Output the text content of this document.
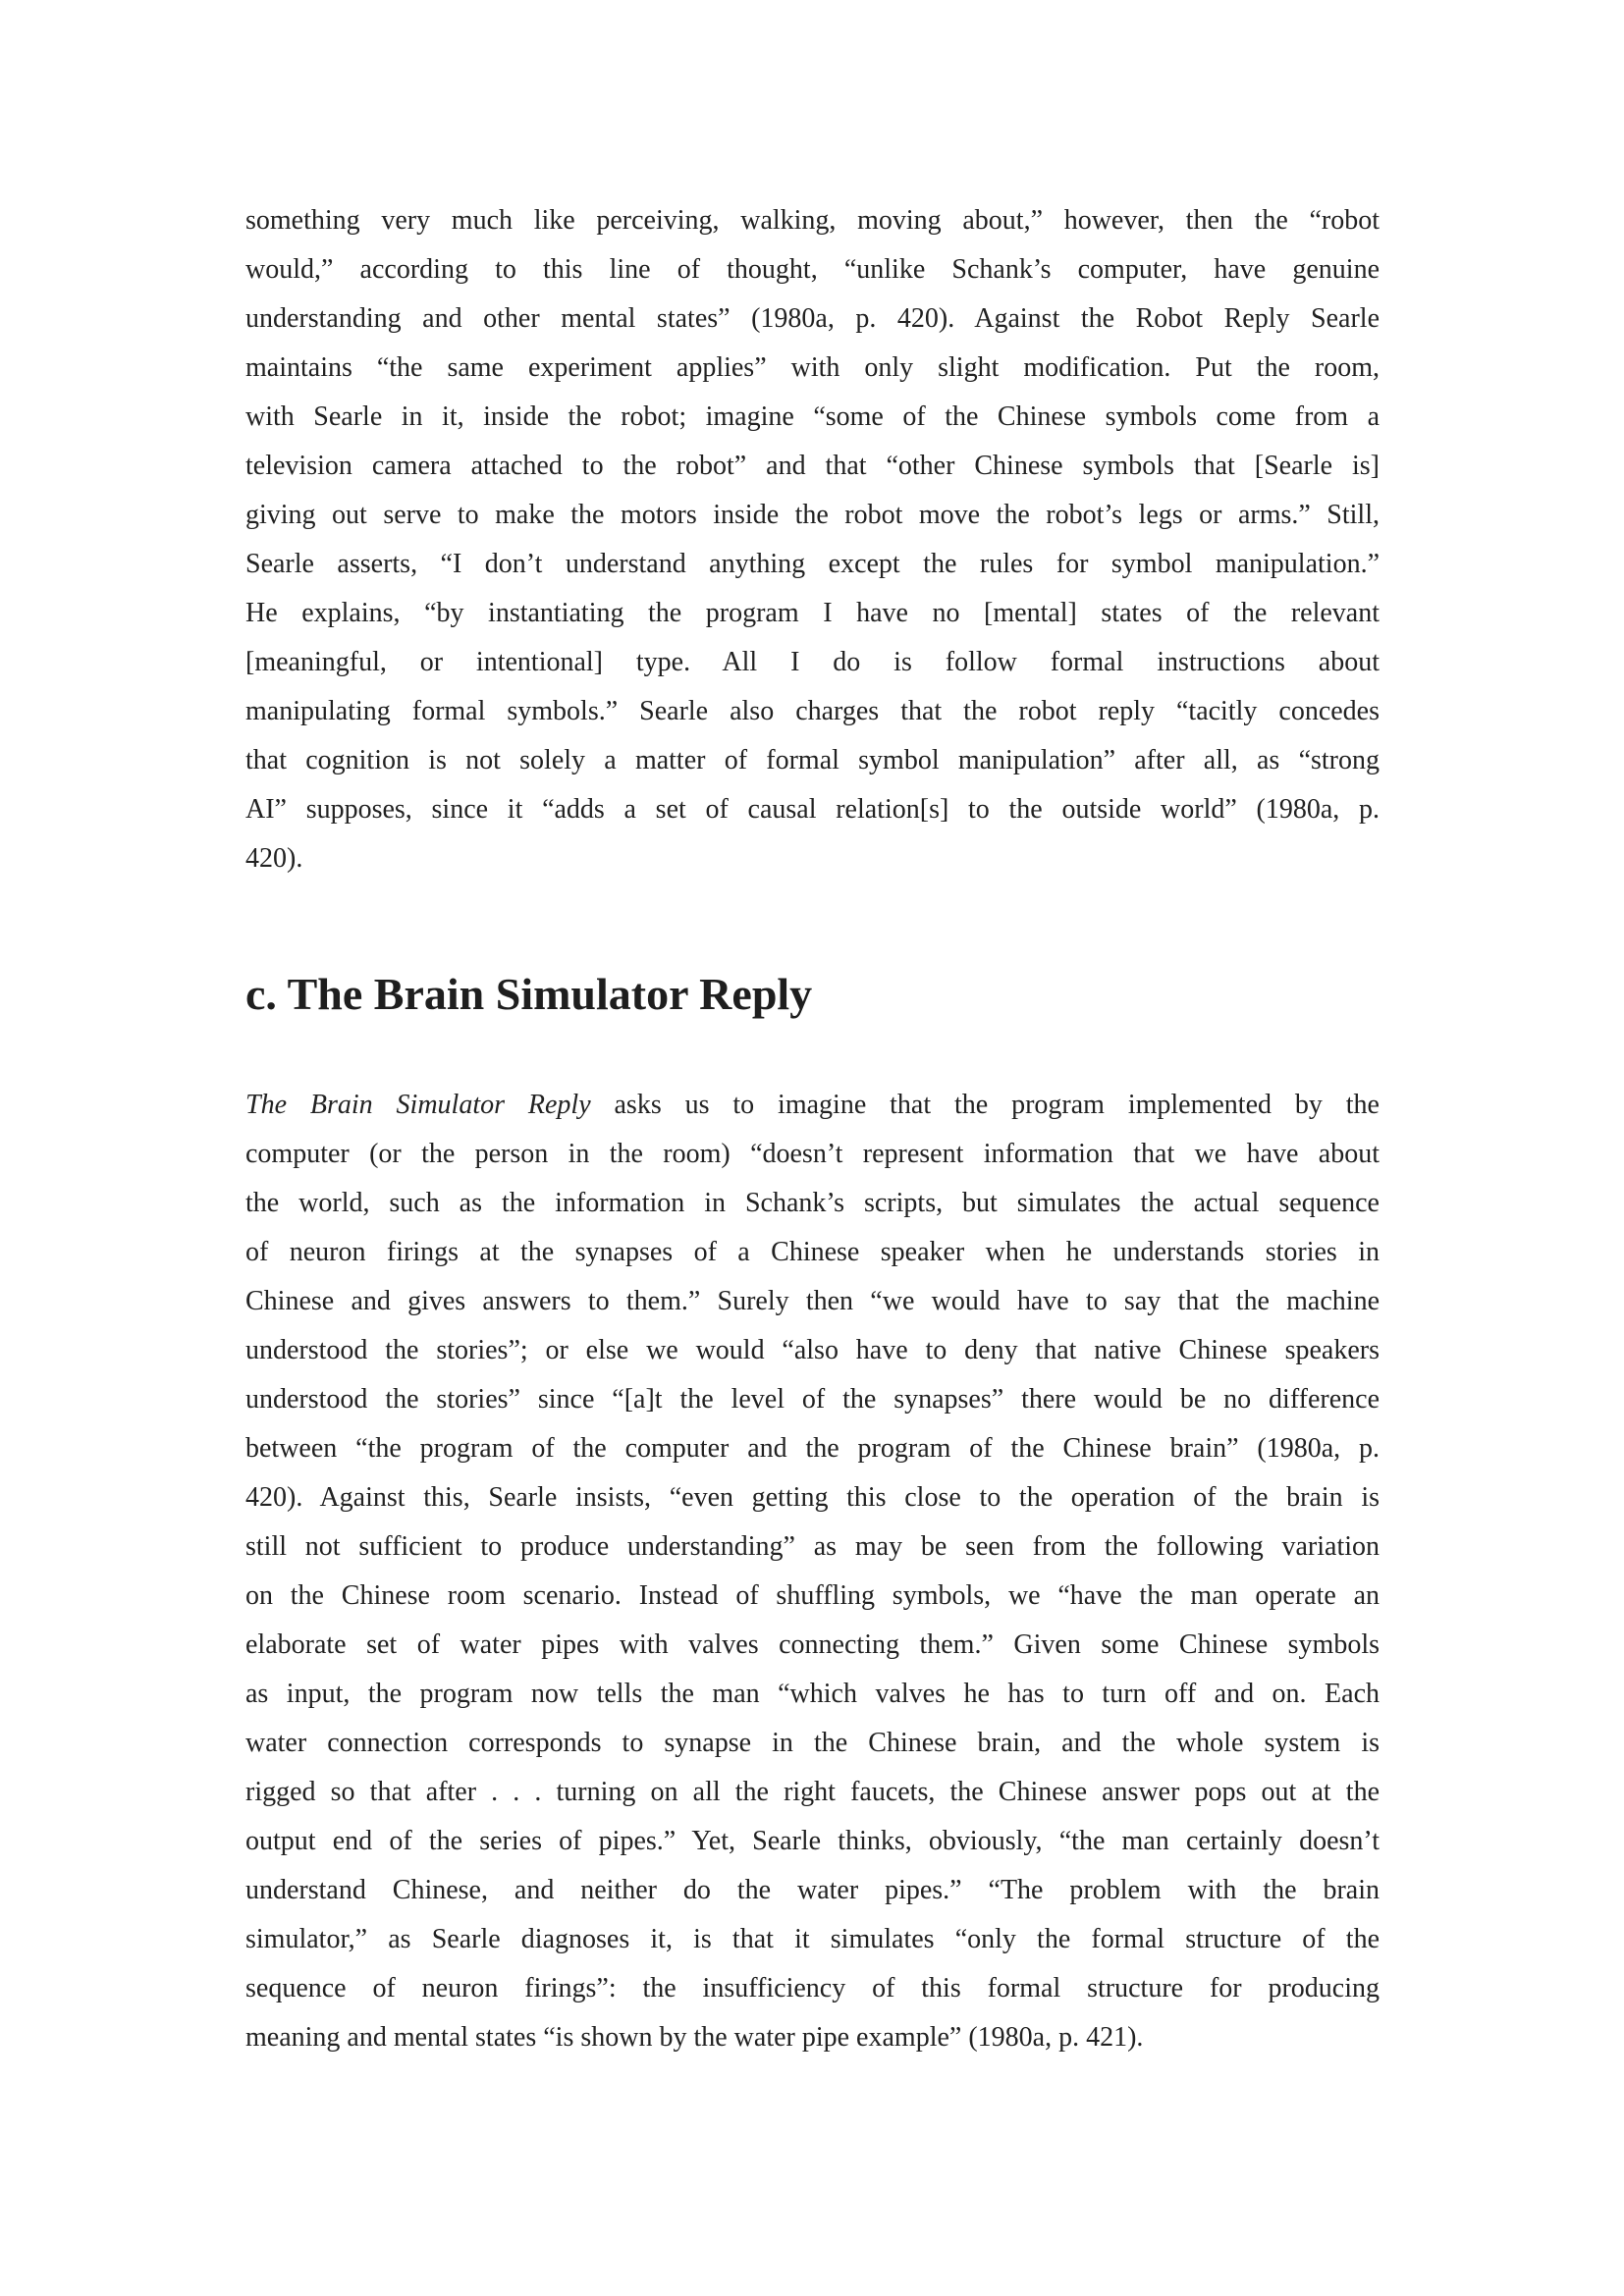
something very much like perceiving, walking, moving about,” however, then the “robot
would,” according to this line of thought, “unlike Schank’s computer, have genuine
understanding and other mental states” (1980a, p. 420). Against the Robot Reply Searle
maintains “the same experiment applies” with only slight modification. Put the room,
with Searle in it, inside the robot; imagine “some of the Chinese symbols come from a
television camera attached to the robot” and that “other Chinese symbols that [Searle is]
giving out serve to make the motors inside the robot move the robot’s legs or arms.” Still,
Searle asserts, “I don’t understand anything except the rules for symbol manipulation.”
He explains, “by instantiating the program I have no [mental] states of the relevant
[meaningful, or intentional] type. All I do is follow formal instructions about
manipulating formal symbols.” Searle also charges that the robot reply “tacitly concedes
that cognition is not solely a matter of formal symbol manipulation” after all, as “strong
AI” supposes, since it “adds a set of causal relation[s] to the outside world” (1980a, p.
420).
c. The Brain Simulator Reply
The Brain Simulator Reply asks us to imagine that the program implemented by the
computer (or the person in the room) “doesn’t represent information that we have about
the world, such as the information in Schank’s scripts, but simulates the actual sequence
of neuron firings at the synapses of a Chinese speaker when he understands stories in
Chinese and gives answers to them.” Surely then “we would have to say that the machine
understood the stories”; or else we would “also have to deny that native Chinese speakers
understood the stories” since “[a]t the level of the synapses” there would be no difference
between “the program of the computer and the program of the Chinese brain” (1980a, p.
420). Against this, Searle insists, “even getting this close to the operation of the brain is
still not sufficient to produce understanding” as may be seen from the following variation
on the Chinese room scenario. Instead of shuffling symbols, we “have the man operate an
elaborate set of water pipes with valves connecting them.” Given some Chinese symbols
as input, the program now tells the man “which valves he has to turn off and on. Each
water connection corresponds to synapse in the Chinese brain, and the whole system is
rigged so that after . . . turning on all the right faucets, the Chinese answer pops out at the
output end of the series of pipes.” Yet, Searle thinks, obviously, “the man certainly doesn’t
understand Chinese, and neither do the water pipes.” “The problem with the brain
simulator,” as Searle diagnoses it, is that it simulates “only the formal structure of the
sequence of neuron firings”: the insufficiency of this formal structure for producing
meaning and mental states “is shown by the water pipe example” (1980a, p. 421).
